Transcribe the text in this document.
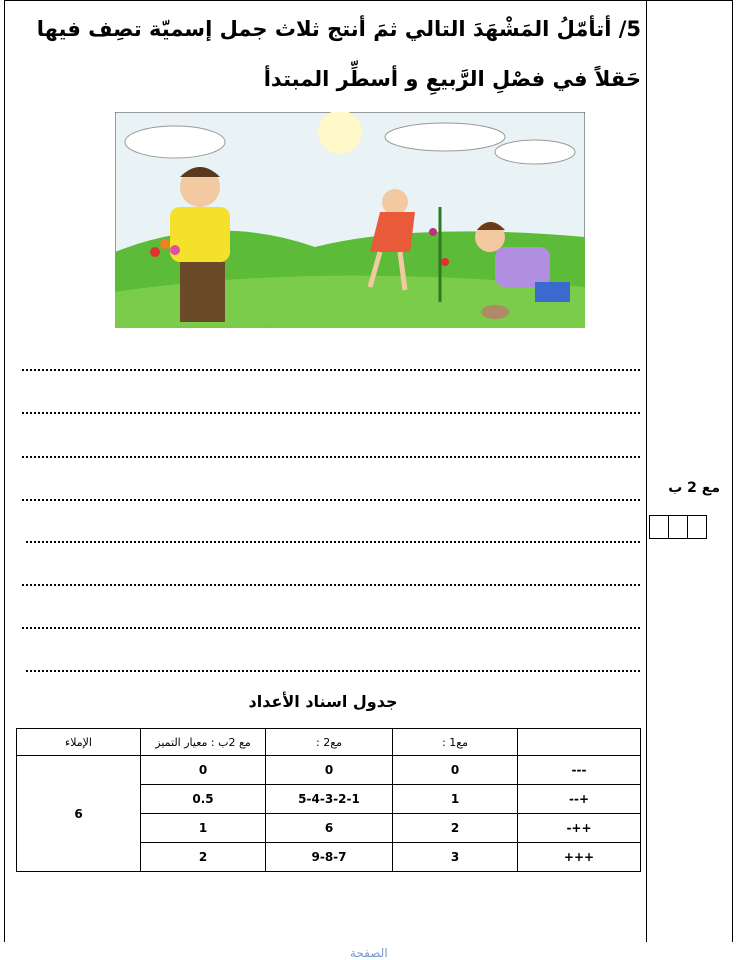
5/ أتأمّلُ المَشْهَدَ التالي ثمَ أنتج ثلاث جمل إسميّة تصِف فيها حَقلاً في فصْلِ الرَّبيعِ و أسطِّر المبتدأ
.
مع 2 ب
جدول اسناد الأعداد
	مع1 :	مع2 :	مع 2ب : معيار التميز	الإملاء
---	0	0	0	6
+--	1	5-4-3-2-1	0.5	
++-	2	6	1	
+++	3	9-8-7	2	
الصفحة
